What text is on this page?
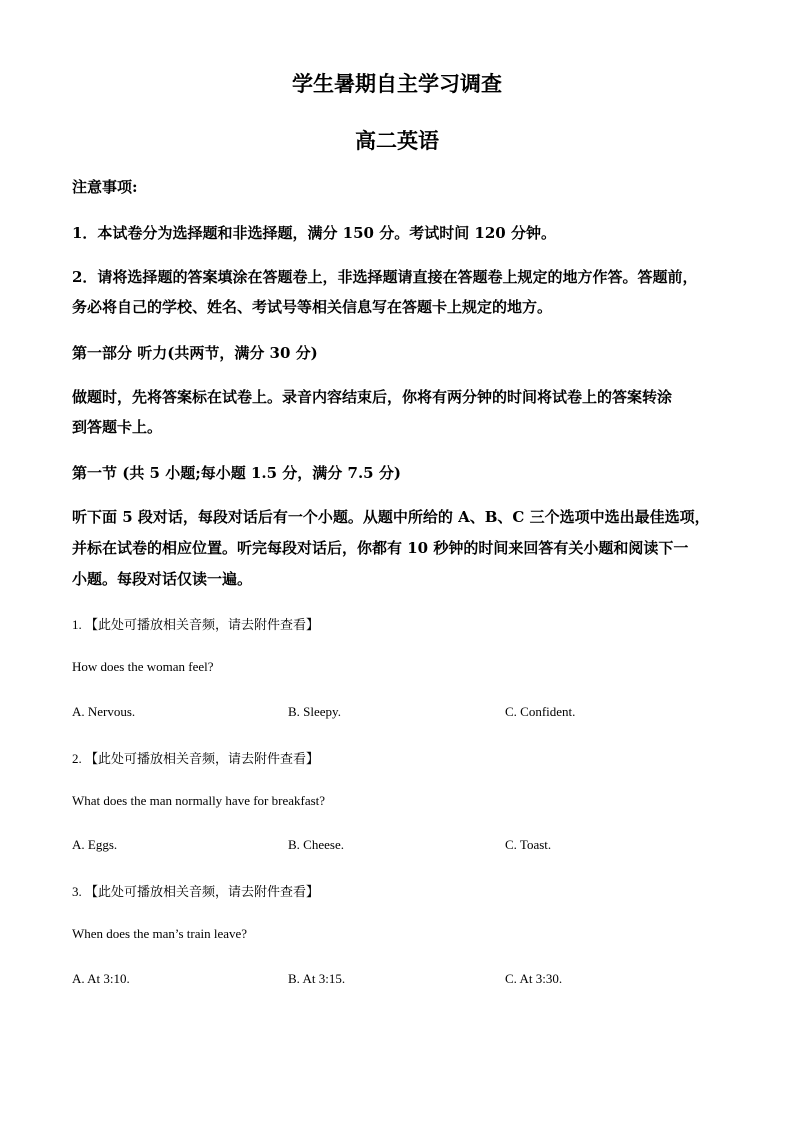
学生暑期自主学习调查
高二英语
注意事项:
1．本试卷分为选择题和非选择题，满分 150 分。考试时间 120 分钟。
2．请将选择题的答案填涂在答题卷上，非选择题请直接在答题卷上规定的地方作答。答题前，
务必将自己的学校、姓名、考试号等相关信息写在答题卡上规定的地方。
第一部分 听力(共两节，满分 30 分)
做题时，先将答案标在试卷上。录音内容结束后，你将有两分钟的时间将试卷上的答案转涂
到答题卡上。
第一节 (共 5 小题;每小题 1.5 分，满分 7.5 分)
听下面 5 段对话，每段对话后有一个小题。从题中所给的 A、B、C 三个选项中选出最佳选项，
并标在试卷的相应位置。听完每段对话后，你都有 10 秒钟的时间来回答有关小题和阅读下一
小题。每段对话仅读一遍。
1. 【此处可播放相关音频，请去附件查看】
How does the woman feel?
A. Nervous.	B. Sleepy.	C. Confident.
2. 【此处可播放相关音频，请去附件查看】
What does the man normally have for breakfast?
A. Eggs.	B. Cheese.	C. Toast.
3. 【此处可播放相关音频，请去附件查看】
When does the man’s train leave?
A. At 3:10.	B. At 3:15.	C. At 3:30.
